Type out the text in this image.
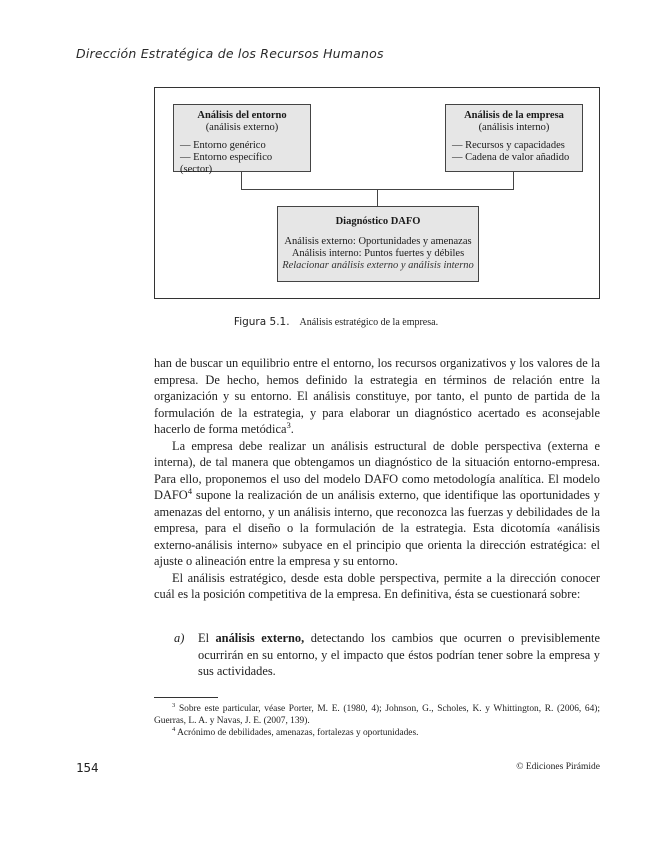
Dirección Estratégica de los Recursos Humanos
Análisis del entorno
(análisis externo)
— Entorno genérico
— Entorno específico (sector)
Análisis de la empresa
(análisis interno)
— Recursos y capacidades
— Cadena de valor añadido
Diagnóstico DAFO
Análisis externo: Oportunidades y amenazas
Análisis interno: Puntos fuertes y débiles
Relacionar análisis externo y análisis interno
Figura 5.1. Análisis estratégico de la empresa.

han de buscar un equilibrio entre el entorno, los recursos organizativos y los valores de la empresa. De hecho, hemos definido la estrategia en términos de relación entre la organización y su entorno. El análisis constituye, por tanto, el punto de partida de la formulación de la estrategia, y para elaborar un diagnóstico acertado es aconsejable hacerlo de forma metódica$^3$.

La empresa debe realizar un análisis estructural de doble perspectiva (externa e interna), de tal manera que obtengamos un diagnóstico de la situación entorno-empresa. Para ello, proponemos el uso del modelo DAFO como metodología analítica. El modelo DAFO$^4$ supone la realización de un análisis externo, que identifique las oportunidades y amenazas del entorno, y un análisis interno, que reconozca las fuerzas y debilidades de la empresa, para el diseño o la formulación de la estrategia. Esta dicotomía «análisis externo-análisis interno» subyace en el principio que orienta la dirección estratégica: el ajuste o alineación entre la empresa y su entorno.

El análisis estratégico, desde esta doble perspectiva, permite a la dirección conocer cuál es la posición competitiva de la empresa. En definitiva, ésta se cuestionará sobre:

a) El análisis externo, detectando los cambios que ocurren o previsiblemente ocurrirán en su entorno, y el impacto que éstos podrían tener sobre la empresa y sus actividades.

$^3$ Sobre este particular, véase Porter, M. E. (1980, 4); Johnson, G., Scholes, K. y Whittington, R. (2006, 64); Guerras, L. A. y Navas, J. E. (2007, 139).

$^4$ Acrónimo de debilidades, amenazas, fortalezas y oportunidades.

154	© Ediciones Pirámide
